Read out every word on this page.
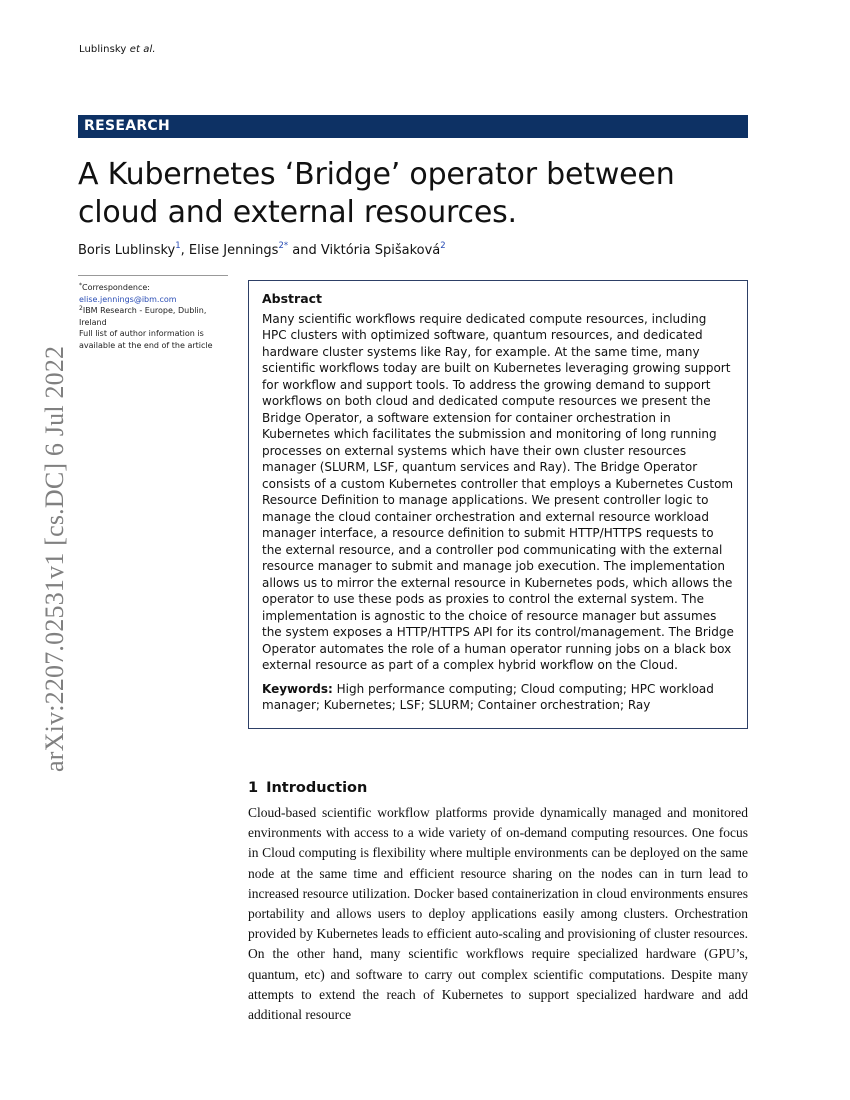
Lublinsky et al.
RESEARCH
A Kubernetes ‘Bridge’ operator between cloud and external resources.
Boris Lublinsky$^1$, Elise Jennings$^{2*}$ and Viktória Spišaková$^2$
*Correspondence:
elise.jennings@ibm.com
$^2$IBM Research - Europe, Dublin, Ireland
Full list of author information is available at the end of the article
arXiv:2207.02531v1 [cs.DC] 6 Jul 2022

Abstract

Many scientific workflows require dedicated compute resources, including HPC clusters with optimized software, quantum resources, and dedicated hardware cluster systems like Ray, for example. At the same time, many scientific workflows today are built on Kubernetes leveraging growing support for workflow and support tools. To address the growing demand to support workflows on both cloud and dedicated compute resources we present the Bridge Operator, a software extension for container orchestration in Kubernetes which facilitates the submission and monitoring of long running processes on external systems which have their own cluster resources manager (SLURM, LSF, quantum services and Ray). The Bridge Operator consists of a custom Kubernetes controller that employs a Kubernetes Custom Resource Definition to manage applications. We present controller logic to manage the cloud container orchestration and external resource workload manager interface, a resource definition to submit HTTP/HTTPS requests to the external resource, and a controller pod communicating with the external resource manager to submit and manage job execution. The implementation allows us to mirror the external resource in Kubernetes pods, which allows the operator to use these pods as proxies to control the external system. The implementation is agnostic to the choice of resource manager but assumes the system exposes a HTTP/HTTPS API for its control/management. The Bridge Operator automates the role of a human operator running jobs on a black box external resource as part of a complex hybrid workflow on the Cloud.

Keywords: High performance computing; Cloud computing; HPC workload manager; Kubernetes; LSF; SLURM; Container orchestration; Ray

1 Introduction

Cloud-based scientific workflow platforms provide dynamically managed and monitored environments with access to a wide variety of on-demand computing resources. One focus in Cloud computing is flexibility where multiple environments can be deployed on the same node at the same time and efficient resource sharing on the nodes can in turn lead to increased resource utilization. Docker based containerization in cloud environments ensures portability and allows users to deploy applications easily among clusters. Orchestration provided by Kubernetes leads to efficient auto-scaling and provisioning of cluster resources. On the other hand, many scientific workflows require specialized hardware (GPU’s, quantum, etc) and software to carry out complex scientific computations. Despite many attempts to extend the reach of Kubernetes to support specialized hardware and add additional resource
